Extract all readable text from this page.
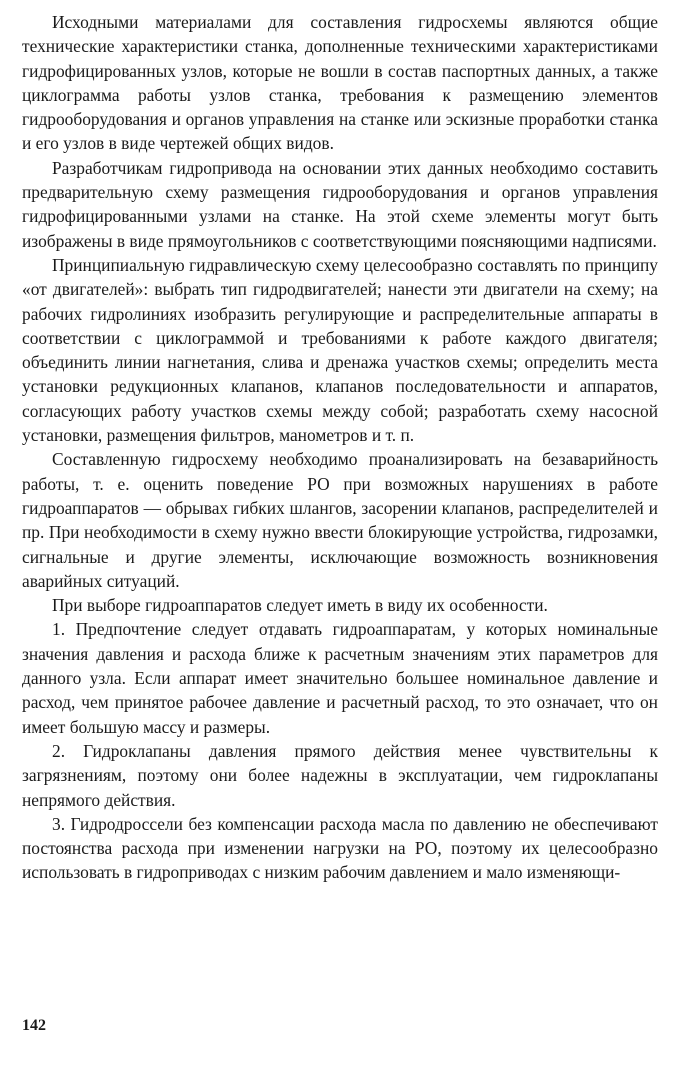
Исходными материалами для составления гидросхемы являются общие технические характеристики станка, дополненные техническими характеристиками гидрофицированных узлов, которые не вошли в состав паспортных данных, а также циклограмма работы узлов станка, требования к размещению элементов гидрооборудования и органов управления на станке или эскизные проработки станка и его узлов в виде чертежей общих видов.

Разработчикам гидропривода на основании этих данных необходимо составить предварительную схему размещения гидрооборудования и органов управления гидрофицированными узлами на станке. На этой схеме элементы могут быть изображены в виде прямоугольников с соответствующими поясняющими надписями.

Принципиальную гидравлическую схему целесообразно составлять по принципу «от двигателей»: выбрать тип гидродвигателей; нанести эти двигатели на схему; на рабочих гидролиниях изобразить регулирующие и распределительные аппараты в соответствии с циклограммой и требованиями к работе каждого двигателя; объединить линии нагнетания, слива и дренажа участков схемы; определить места установки редукционных клапанов, клапанов последовательности и аппаратов, согласующих работу участков схемы между собой; разработать схему насосной установки, размещения фильтров, манометров и т. п.

Составленную гидросхему необходимо проанализировать на безаварийность работы, т. е. оценить поведение РО при возможных нарушениях в работе гидроаппаратов — обрывах гибких шлангов, засорении клапанов, распределителей и пр. При необходимости в схему нужно ввести блокирующие устройства, гидрозамки, сигнальные и другие элементы, исключающие возможность возникновения аварийных ситуаций.

При выборе гидроаппаратов следует иметь в виду их особенности.

1. Предпочтение следует отдавать гидроаппаратам, у которых номинальные значения давления и расхода ближе к расчетным значениям этих параметров для данного узла. Если аппарат имеет значительно большее номинальное давление и расход, чем принятое рабочее давление и расчетный расход, то это означает, что он имеет большую массу и размеры.

2. Гидроклапаны давления прямого действия менее чувствительны к загрязнениям, поэтому они более надежны в эксплуатации, чем гидроклапаны непрямого действия.

3. Гидродроссели без компенсации расхода масла по давлению не обеспечивают постоянства расхода при изменении нагрузки на РО, поэтому их целесообразно использовать в гидроприводах с низким рабочим давлением и мало изменяющи-

142
